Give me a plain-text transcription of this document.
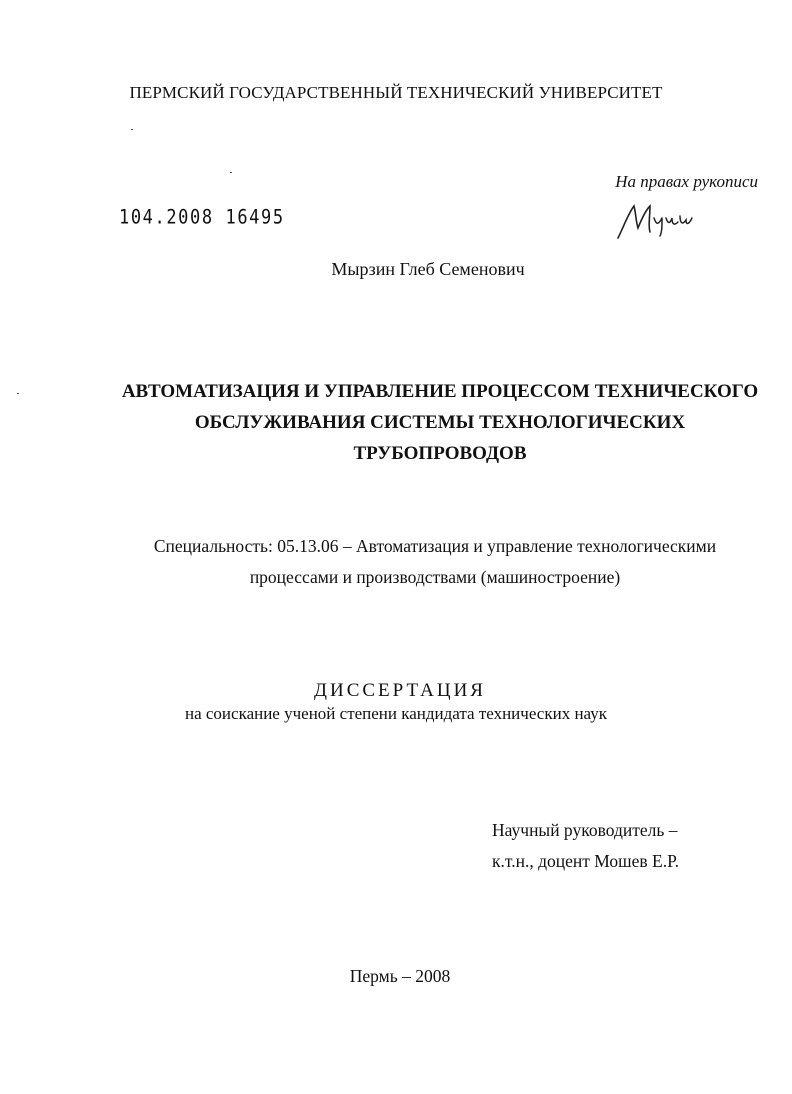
ПЕРМСКИЙ ГОСУДАРСТВЕННЫЙ ТЕХНИЧЕСКИЙ УНИВЕРСИТЕТ
На правах рукописи
104.2008 16495
Мырзин Глеб Семенович
АВТОМАТИЗАЦИЯ И УПРАВЛЕНИЕ ПРОЦЕССОМ ТЕХНИЧЕСКОГО
ОБСЛУЖИВАНИЯ СИСТЕМЫ ТЕХНОЛОГИЧЕСКИХ
ТРУБОПРОВОДОВ
Специальность: 05.13.06 – Автоматизация и управление технологическими
процессами и производствами (машиностроение)
ДИССЕРТАЦИЯ
на соискание ученой степени кандидата технических наук
Научный руководитель –
к.т.н., доцент Мошев Е.Р.
Пермь – 2008
